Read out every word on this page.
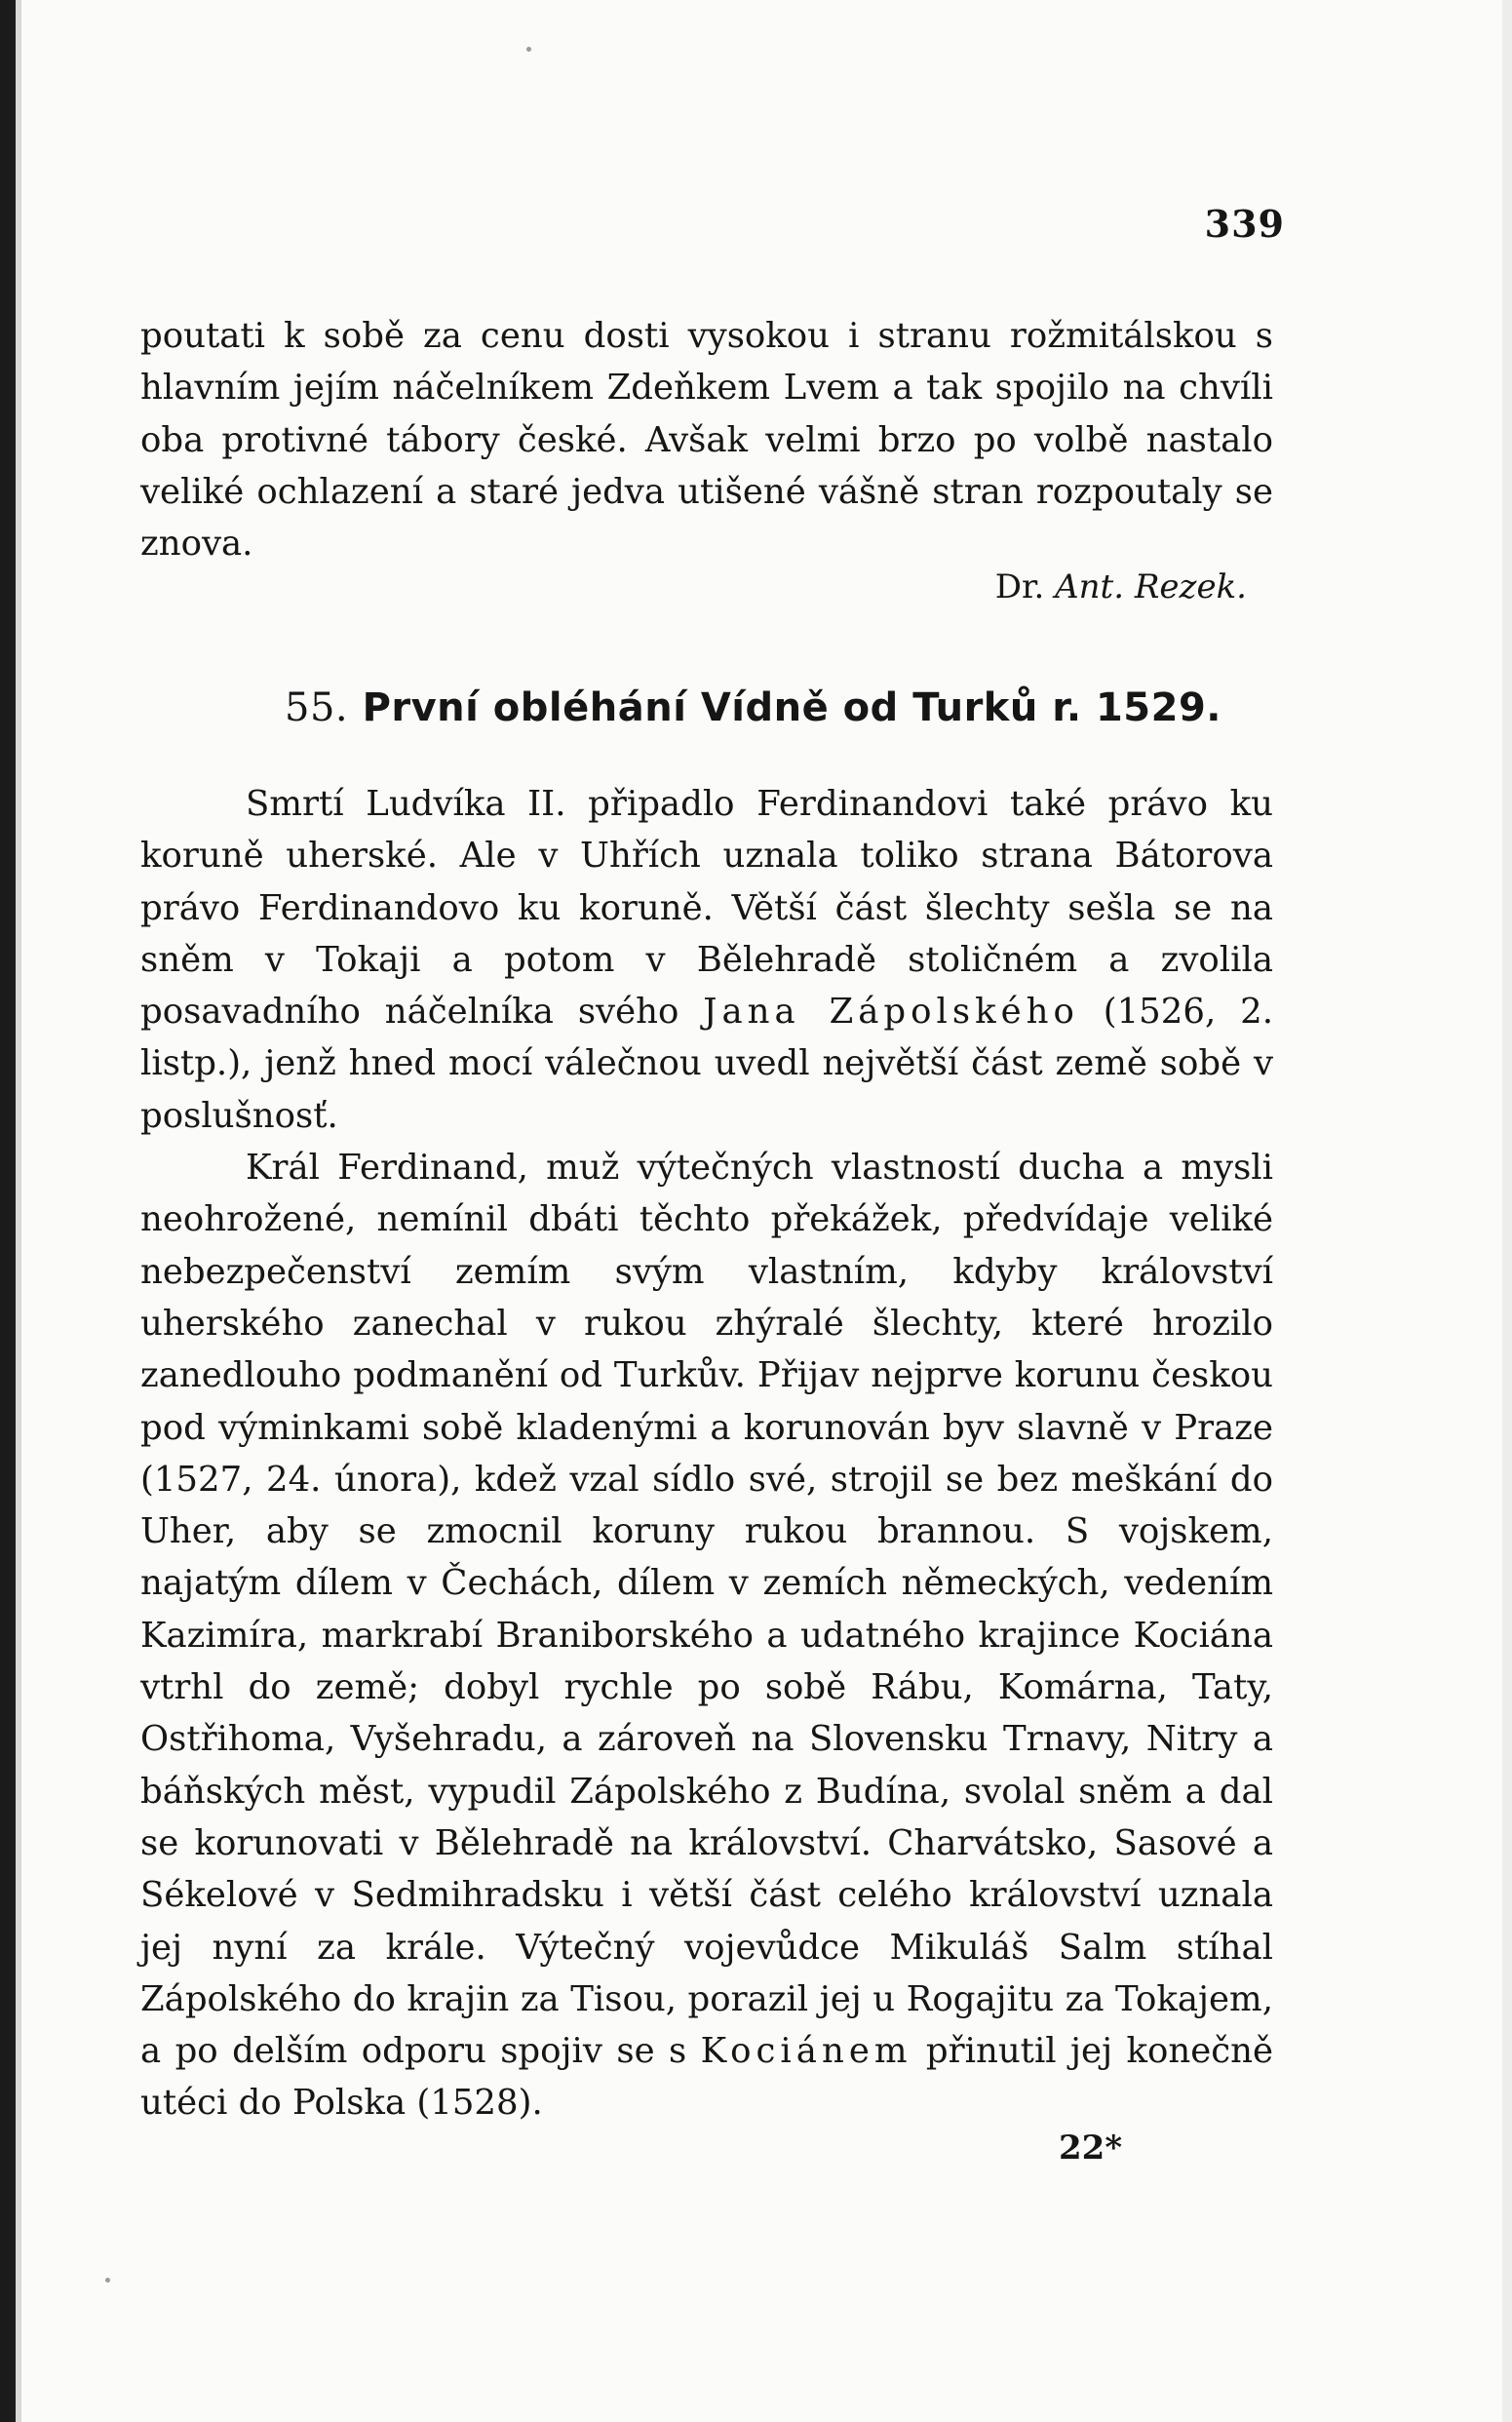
339

poutati k sobě za cenu dosti vysokou i stranu rožmitálskou s hlavním jejím náčelníkem Zdeňkem Lvem a tak spojilo na chvíli oba protivné tábory české. Avšak velmi brzo po volbě nastalo veliké ochlazení a staré jedva utišené vášně stran rozpoutaly se znova.

Dr. Ant. Rezek.
55. První obléhání Vídně od Turků r. 1529.

Smrtí Ludvíka II. připadlo Ferdinandovi také právo ku koruně uherské. Ale v Uhřích uznala toliko strana Bátorova právo Ferdinandovo ku koruně. Větší část šlechty sešla se na sněm v Tokaji a potom v Bělehradě stoličném a zvolila posavadního náčelníka svého Jana Zápolského (1526, 2. listp.), jenž hned mocí válečnou uvedl největší část země sobě v poslušnosť.

Král Ferdinand, muž výtečných vlastností ducha a mysli neohrožené, nemínil dbáti těchto překážek, předvídaje veliké nebezpečenství zemím svým vlastním, kdyby království uherského zanechal v rukou zhýralé šlechty, které hrozilo zanedlouho podmanění od Turkův. Přijav nejprve korunu českou pod výminkami sobě kladenými a korunován byv slavně v Praze (1527, 24. února), kdež vzal sídlo své, strojil se bez meškání do Uher, aby se zmocnil koruny rukou brannou. S vojskem, najatým dílem v Čechách, dílem v zemích německých, vedením Kazimíra, markrabí Braniborského a udatného krajince Kociána vtrhl do země; dobyl rychle po sobě Rábu, Komárna, Taty, Ostřihoma, Vyšehradu, a zároveň na Slovensku Trnavy, Nitry a báňských měst, vypudil Zápolského z Budína, svolal sněm a dal se korunovati v Bělehradě na království. Charvátsko, Sasové a Sékelové v Sedmihradsku i větší část celého království uznala jej nyní za krále. Výtečný vojevůdce Mikuláš Salm stíhal Zápolského do krajin za Tisou, porazil jej u Rogajitu za Tokajem, a po delším odporu spojiv se s Kociánem přinutil jej konečně utéci do Polska (1528).

22*
